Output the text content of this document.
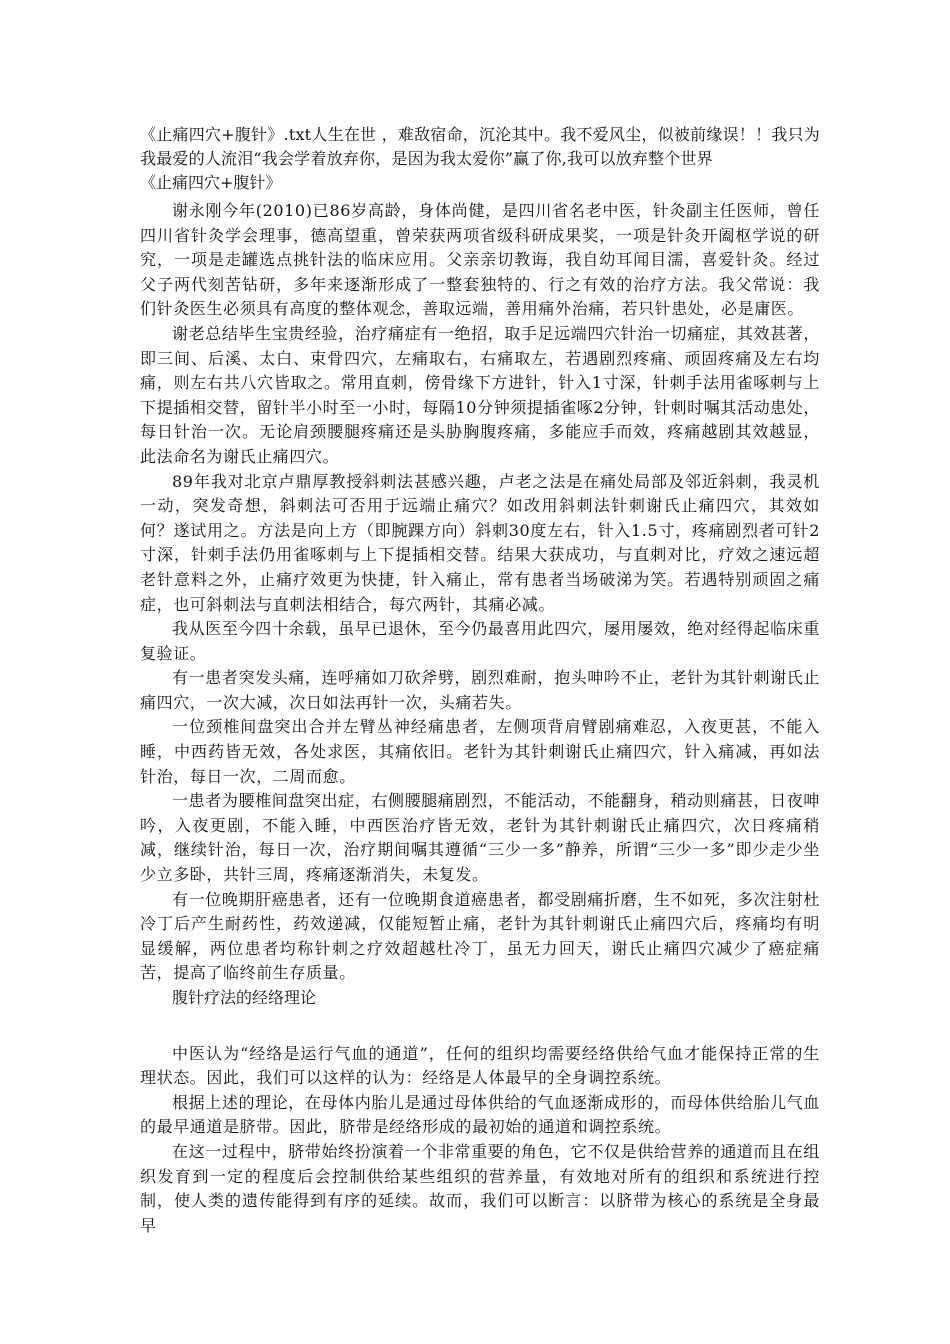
《止痛四穴+腹针》.txt人生在世 ，难敌宿命，沉沦其中。我不爱风尘，似被前缘误！！我只为我最爱的人流泪“我会学着放弃你，是因为我太爱你”赢了你,我可以放弃整个世界

《止痛四穴+腹针》

谢永刚今年(2010)已86岁高龄，身体尚健，是四川省名老中医，针灸副主任医师，曾任四川省针灸学会理事，德高望重，曾荣获两项省级科研成果奖，一项是针灸开阖枢学说的研究，一项是走罐选点挑针法的临床应用。父亲亲切教诲，我自幼耳闻目濡，喜爱针灸。经过父子两代刻苦钻研，多年来逐渐形成了一整套独特的、行之有效的治疗方法。我父常说：我们针灸医生必须具有高度的整体观念，善取远端，善用痛外治痛，若只针患处，必是庸医。

谢老总结毕生宝贵经验，治疗痛症有一绝招，取手足远端四穴针治一切痛症，其效甚著，即三间、后溪、太白、束骨四穴，左痛取右，右痛取左，若遇剧烈疼痛、顽固疼痛及左右均痛，则左右共八穴皆取之。常用直刺，傍骨缘下方进针，针入1寸深，针刺手法用雀啄刺与上下提插相交替，留针半小时至一小时，每隔10分钟须提插雀啄2分钟，针刺时嘱其活动患处，每日针治一次。无论肩颈腰腿疼痛还是头胁胸腹疼痛，多能应手而效，疼痛越剧其效越显，此法命名为谢氏止痛四穴。

89年我对北京卢鼎厚教授斜刺法甚感兴趣，卢老之法是在痛处局部及邻近斜刺，我灵机一动，突发奇想，斜刺法可否用于远端止痛穴？如改用斜刺法针刺谢氏止痛四穴，其效如何？遂试用之。方法是向上方（即腕踝方向）斜刺30度左右，针入1.5寸，疼痛剧烈者可针2寸深，针刺手法仍用雀啄刺与上下提插相交替。结果大获成功，与直刺对比，疗效之速远超老针意料之外，止痛疗效更为快捷，针入痛止，常有患者当场破涕为笑。若遇特别顽固之痛症，也可斜刺法与直刺法相结合，每穴两针，其痛必减。

我从医至今四十余载，虽早已退休，至今仍最喜用此四穴，屡用屡效，绝对经得起临床重复验证。

有一患者突发头痛，连呼痛如刀砍斧劈，剧烈难耐，抱头呻吟不止，老针为其针刺谢氏止痛四穴，一次大减，次日如法再针一次，头痛若失。

一位颈椎间盘突出合并左臂丛神经痛患者，左侧项背肩臂剧痛难忍，入夜更甚，不能入睡，中西药皆无效，各处求医，其痛依旧。老针为其针刺谢氏止痛四穴，针入痛减，再如法针治，每日一次，二周而愈。

一患者为腰椎间盘突出症，右侧腰腿痛剧烈，不能活动，不能翻身，稍动则痛甚，日夜呻吟，入夜更剧，不能入睡，中西医治疗皆无效，老针为其针刺谢氏止痛四穴，次日疼痛稍减，继续针治，每日一次，治疗期间嘱其遵循“三少一多”静养，所谓“三少一多”即少走少坐少立多卧，共针三周，疼痛逐渐消失，未复发。

有一位晚期肝癌患者，还有一位晚期食道癌患者，都受剧痛折磨，生不如死，多次注射杜冷丁后产生耐药性，药效递减，仅能短暂止痛，老针为其针刺谢氏止痛四穴后，疼痛均有明显缓解，两位患者均称针刺之疗效超越杜冷丁，虽无力回天，谢氏止痛四穴减少了癌症痛苦，提高了临终前生存质量。

腹针疗法的经络理论

中医认为“经络是运行气血的通道”，任何的组织均需要经络供给气血才能保持正常的生理状态。因此，我们可以这样的认为：经络是人体最早的全身调控系统。

根据上述的理论，在母体内胎儿是通过母体供给的气血逐渐成形的，而母体供给胎儿气血的最早通道是脐带。因此，脐带是经络形成的最初始的通道和调控系统。

在这一过程中，脐带始终扮演着一个非常重要的角色，它不仅是供给营养的通道而且在组织发育到一定的程度后会控制供给某些组织的营养量，有效地对所有的组织和系统进行控制，使人类的遗传能得到有序的延续。故而，我们可以断言：以脐带为核心的系统是全身最早
